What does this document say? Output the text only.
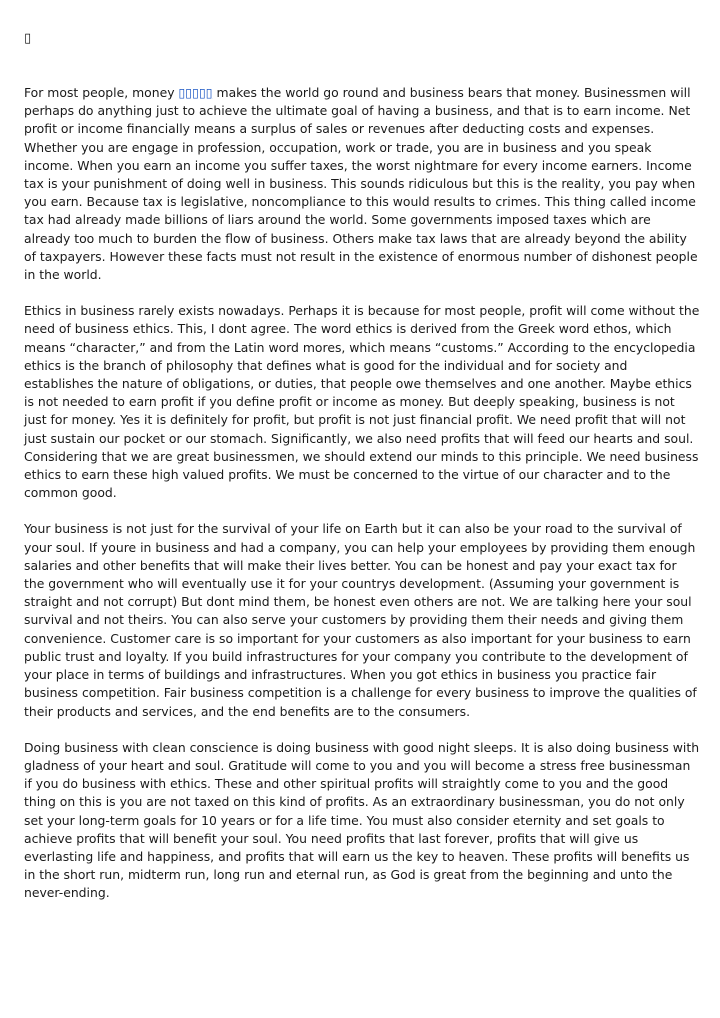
▯

For most people, money ▯▯▯▯▯ makes the world go round and business bears that money. Businessmen will perhaps do anything just to achieve the ultimate goal of having a business, and that is to earn income. Net profit or income financially means a surplus of sales or revenues after deducting costs and expenses. Whether you are engage in profession, occupation, work or trade, you are in business and you speak income. When you earn an income you suffer taxes, the worst nightmare for every income earners. Income tax is your punishment of doing well in business. This sounds ridiculous but this is the reality, you pay when you earn. Because tax is legislative, noncompliance to this would results to crimes. This thing called income tax had already made billions of liars around the world. Some governments imposed taxes which are already too much to burden the flow of business. Others make tax laws that are already beyond the ability of taxpayers. However these facts must not result in the existence of enormous number of dishonest people in the world.

Ethics in business rarely exists nowadays. Perhaps it is because for most people, profit will come without the need of business ethics. This, I dont agree. The word ethics is derived from the Greek word ethos, which means “character,” and from the Latin word mores, which means “customs.” According to the encyclopedia ethics is the branch of philosophy that defines what is good for the individual and for society and establishes the nature of obligations, or duties, that people owe themselves and one another. Maybe ethics is not needed to earn profit if you define profit or income as money. But deeply speaking, business is not just for money. Yes it is definitely for profit, but profit is not just financial profit. We need profit that will not just sustain our pocket or our stomach. Significantly, we also need profits that will feed our hearts and soul. Considering that we are great businessmen, we should extend our minds to this principle. We need business ethics to earn these high valued profits. We must be concerned to the virtue of our character and to the common good.

Your business is not just for the survival of your life on Earth but it can also be your road to the survival of your soul. If youre in business and had a company, you can help your employees by providing them enough salaries and other benefits that will make their lives better. You can be honest and pay your exact tax for the government who will eventually use it for your countrys development. (Assuming your government is straight and not corrupt) But dont mind them, be honest even others are not. We are talking here your soul survival and not theirs. You can also serve your customers by providing them their needs and giving them convenience. Customer care is so important for your customers as also important for your business to earn public trust and loyalty. If you build infrastructures for your company you contribute to the development of your place in terms of buildings and infrastructures. When you got ethics in business you practice fair business competition. Fair business competition is a challenge for every business to improve the qualities of their products and services, and the end benefits are to the consumers.

Doing business with clean conscience is doing business with good night sleeps. It is also doing business with gladness of your heart and soul. Gratitude will come to you and you will become a stress free businessman if you do business with ethics. These and other spiritual profits will straightly come to you and the good thing on this is you are not taxed on this kind of profits. As an extraordinary businessman, you do not only set your long-term goals for 10 years or for a life time. You must also consider eternity and set goals to achieve profits that will benefit your soul. You need profits that last forever, profits that will give us everlasting life and happiness, and profits that will earn us the key to heaven. These profits will benefits us in the short run, midterm run, long run and eternal run, as God is great from the beginning and unto the never-ending.
